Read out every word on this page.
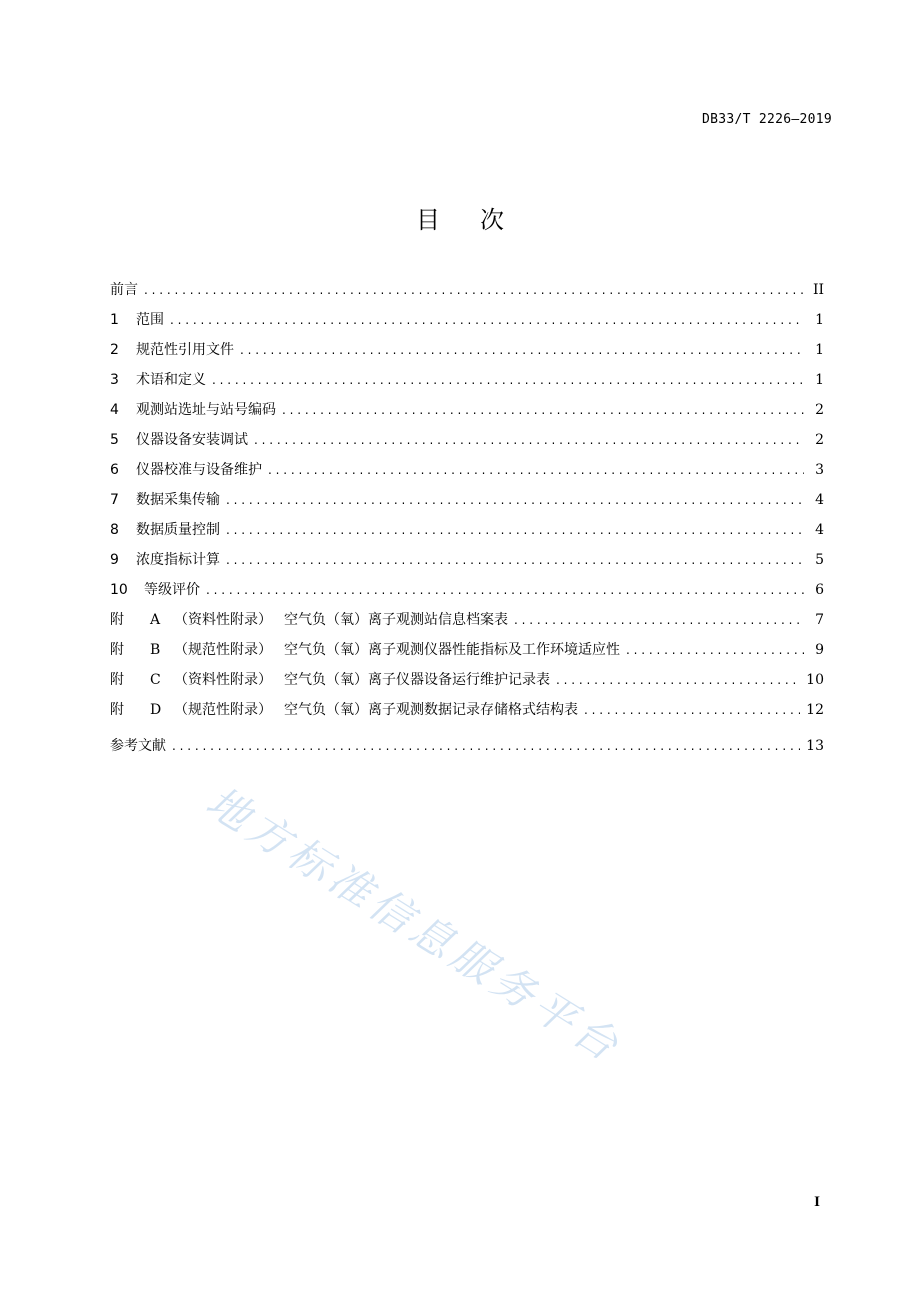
DB33/T 2226—2019
目 次
前言 . . .	II
1 范围 . . .	1
2 规范性引用文件 . . .	1
3 术语和定义 . . .	1
4 观测站选址与站号编码 . . .	2
5 仪器设备安装调试 . . .	2
6 仪器校准与设备维护 . . .	3
7 数据采集传输 . . .	4
8 数据质量控制 . . .	4
9 浓度指标计算 . . .	5
10 等级评价 . . .	6
附 A （资料性附录） 空气负（氧）离子观测站信息档案表 . . .	7
附 B （规范性附录） 空气负（氧）离子观测仪器性能指标及工作环境适应性 . . .	9
附 C （资料性附录） 空气负（氧）离子仪器设备运行维护记录表 . . .	10
附 D （规范性附录） 空气负（氧）离子观测数据记录存储格式结构表 . . .	12
参考文献 . . .	13
地方标准信息服务平台
I
